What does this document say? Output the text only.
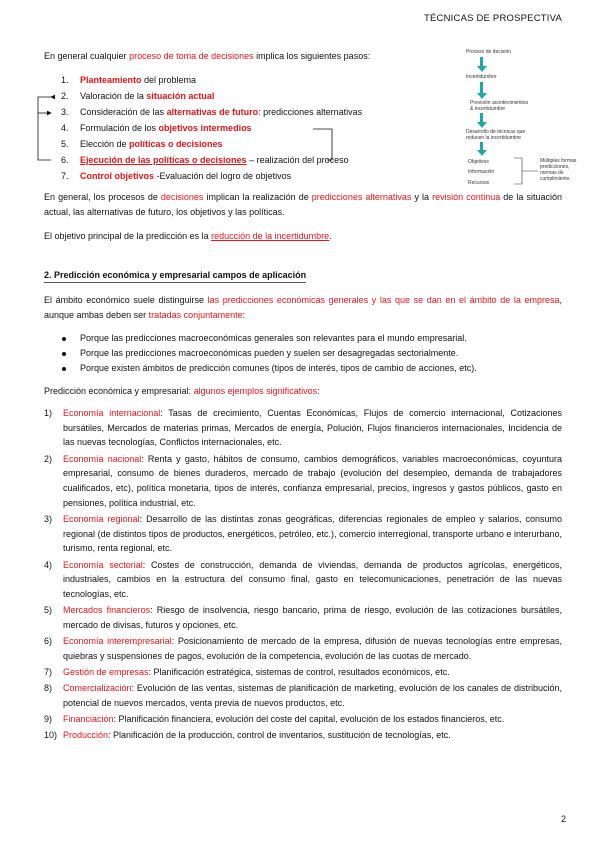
TÉCNICAS DE PROSPECTIVA
En general cualquier proceso de toma de decisiones implica los siguientes pasos:
1. Planteamiento del problema
2. Valoración de la situación actual
3. Consideración de las alternativas de futuro: predicciones alternativas
4. Formulación de los objetivos intermedios
5. Elección de políticas o decisiones
6. Ejecución de las políticas o decisiones – realización del proceso
7. Control objetivos -Evaluación del logro de objetivos
Proceso de decisión
Incertidumbre
Previsión acontecimientos
& incertidumbre
Desarrollo de técnicas que
reducen la incertidumbre
Objetivos
Información
Recursos
Múltiples formas
predicciones,
normas de
cumplimiento
En general, los procesos de decisiones implican la realización de predicciones alternativas y la revisión continua de la situación actual, las alternativas de futuro, los objetivos y las políticas.
El objetivo principal de la predicción es la reducción de la incertidumbre.
2. Predicción económica y empresarial campos de aplicación
El ámbito económico suele distinguirse las predicciones económicas generales y las que se dan en el ámbito de la empresa, aunque ambas deben ser tratadas conjuntamente:
Porque las predicciones macroeconómicas generales son relevantes para el mundo empresarial.
Porque las predicciones macroeconómicas pueden y suelen ser desagregadas sectorialmente.
Porque existen ámbitos de predicción comunes (tipos de interés, tipos de cambio de acciones, etc).
Predicción económica y empresarial: algunos ejemplos significativos:
1) Economía internacional: Tasas de crecimiento, Cuentas Económicas, Flujos de comercio internacional, Cotizaciones bursátiles, Mercados de materias primas, Mercados de energía, Polución, Flujos financieros internacionales, Incidencia de las nuevas tecnologías, Conflictos internacionales, etc.
2) Economía nacional: Renta y gasto, hábitos de consumo, cambios demográficos, variables macroeconómicas, coyuntura empresarial, consumo de bienes duraderos, mercado de trabajo (evolución del desempleo, demanda de trabajadores cualificados, etc), política monetaria, tipos de interés, confianza empresarial, precios, ingresos y gastos públicos, gasto en pensiones, política industrial, etc.
3) Economía regional: Desarrollo de las distintas zonas geográficas, diferencias regionales de empleo y salarios, consumo regional (de distintos tipos de productos, energéticos, petróleo, etc.), comercio interregional, transporte urbano e interurbano, turismo, renta regional, etc.
4) Economía sectorial: Costes de construcción, demanda de viviendas, demanda de productos agrícolas, energéticos, industriales, cambios en la estructura del consumo final, gasto en telecomunicaciones, penetración de las nuevas tecnologías, etc.
5) Mercados financieros: Riesgo de insolvencia, riesgo bancario, prima de riesgo, evolución de las cotizaciones bursátiles, mercado de divisas, futuros y opciones, etc.
6) Economía interempresarial: Posicionamiento de mercado de la empresa, difusión de nuevas tecnologías entre empresas, quiebras y suspensiones de pagos, evolución de la competencia, evolución de las cuotas de mercado.
7) Gestión de empresas: Planificación estratégica, sistemas de control, resultados económicos, etc.
8) Comercialización: Evolución de las ventas, sistemas de planificación de marketing, evolución de los canales de distribución, potencial de nuevos mercados, venta previa de nuevos productos, etc.
9) Financiación: Planificación financiera, evolución del coste del capital, evolución de los estados financieros, etc.
10) Producción: Planificación de la producción, control de inventarios, sustitución de tecnologías, etc.
2
